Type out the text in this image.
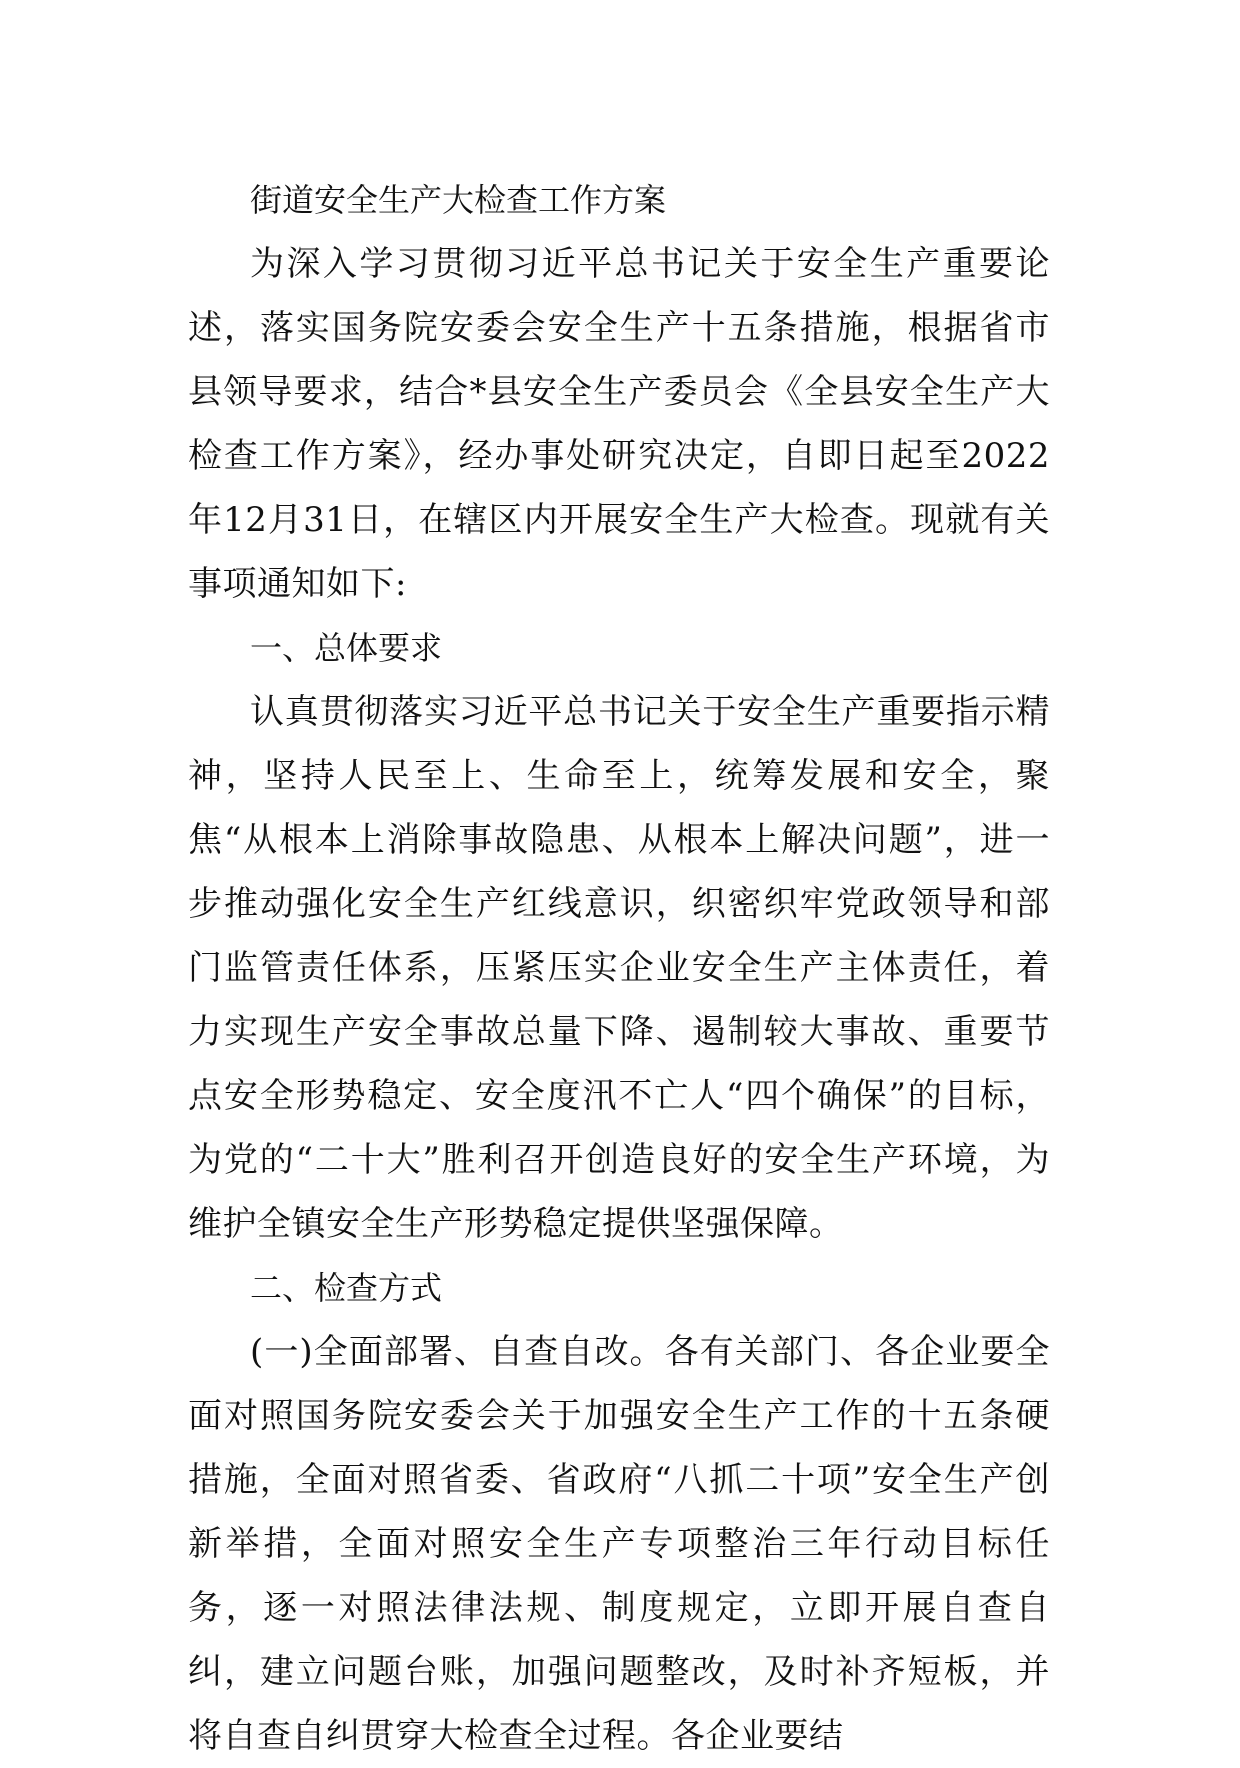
街道安全生产大检查工作方案

为深入学习贯彻习近平总书记关于安全生产重要论述，落实国务院安委会安全生产十五条措施，根据省市县领导要求，结合*县安全生产委员会《全县安全生产大检查工作方案》，经办事处研究决定，自即日起至2022年12月31日，在辖区内开展安全生产大检查。现就有关事项通知如下:

一、总体要求

认真贯彻落实习近平总书记关于安全生产重要指示精神，坚持人民至上、生命至上，统筹发展和安全，聚焦“从根本上消除事故隐患、从根本上解决问题”，进一步推动强化安全生产红线意识，织密织牢党政领导和部门监管责任体系，压紧压实企业安全生产主体责任，着力实现生产安全事故总量下降、遏制较大事故、重要节点安全形势稳定、安全度汛不亡人“四个确保”的目标，为党的“二十大”胜利召开创造良好的安全生产环境，为维护全镇安全生产形势稳定提供坚强保障。

二、检查方式

(一)全面部署、自查自改。各有关部门、各企业要全面对照国务院安委会关于加强安全生产工作的十五条硬措施，全面对照省委、省政府“八抓二十项”安全生产创新举措，全面对照安全生产专项整治三年行动目标任务，逐一对照法律法规、制度规定，立即开展自查自纠，建立问题台账，加强问题整改，及时补齐短板，并将自查自纠贯穿大检查全过程。各企业要结
